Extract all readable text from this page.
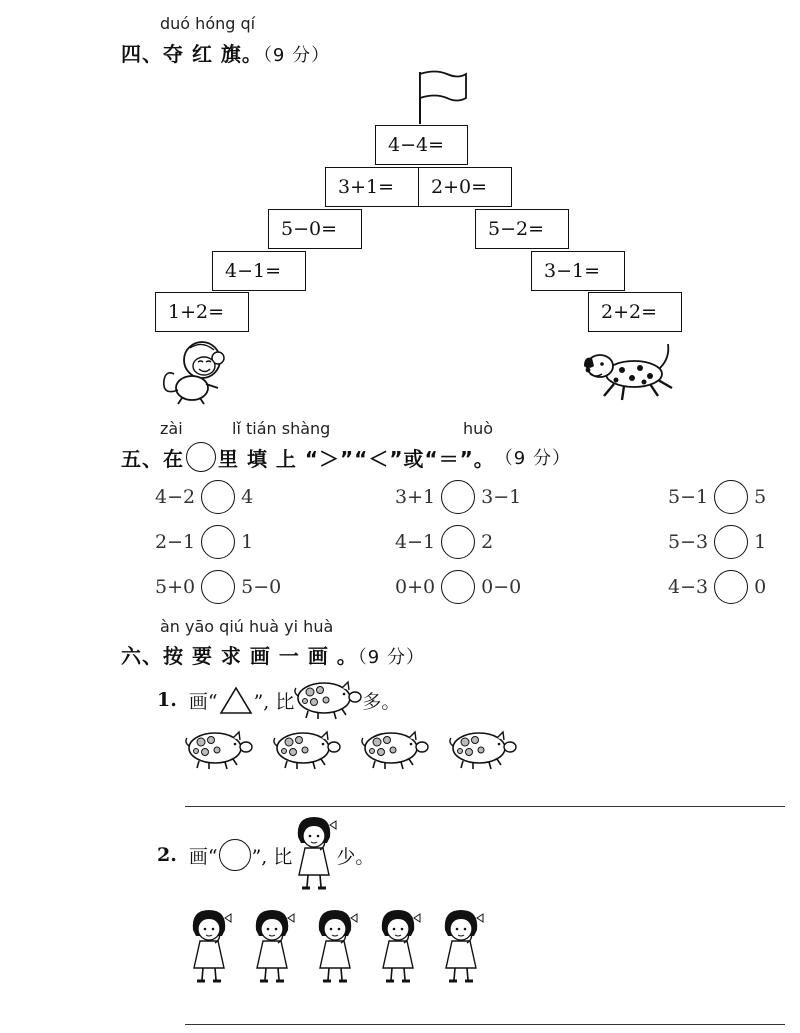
duó hóng qí
四、夺 红 旗。（9 分）
4−4=
3+1=	2+0=
5−0=	5−2=
4−1=	3−1=
1+2=	2+2=
zài	lǐ tián shàng	huò
五、在 里 填 上 “＞”“＜”或“＝”。 （9 分）
4−2 4	3+1 3−1	5−1 5
2−1 1	4−1 2	5−3 1
5+0 5−0	0+0 0−0	4−3 0
àn yāo qiú huà yi huà
六、按 要 求 画 一 画 。（9 分）
1. 画“ ”, 比	多。
2. 画“ ”, 比 少。
